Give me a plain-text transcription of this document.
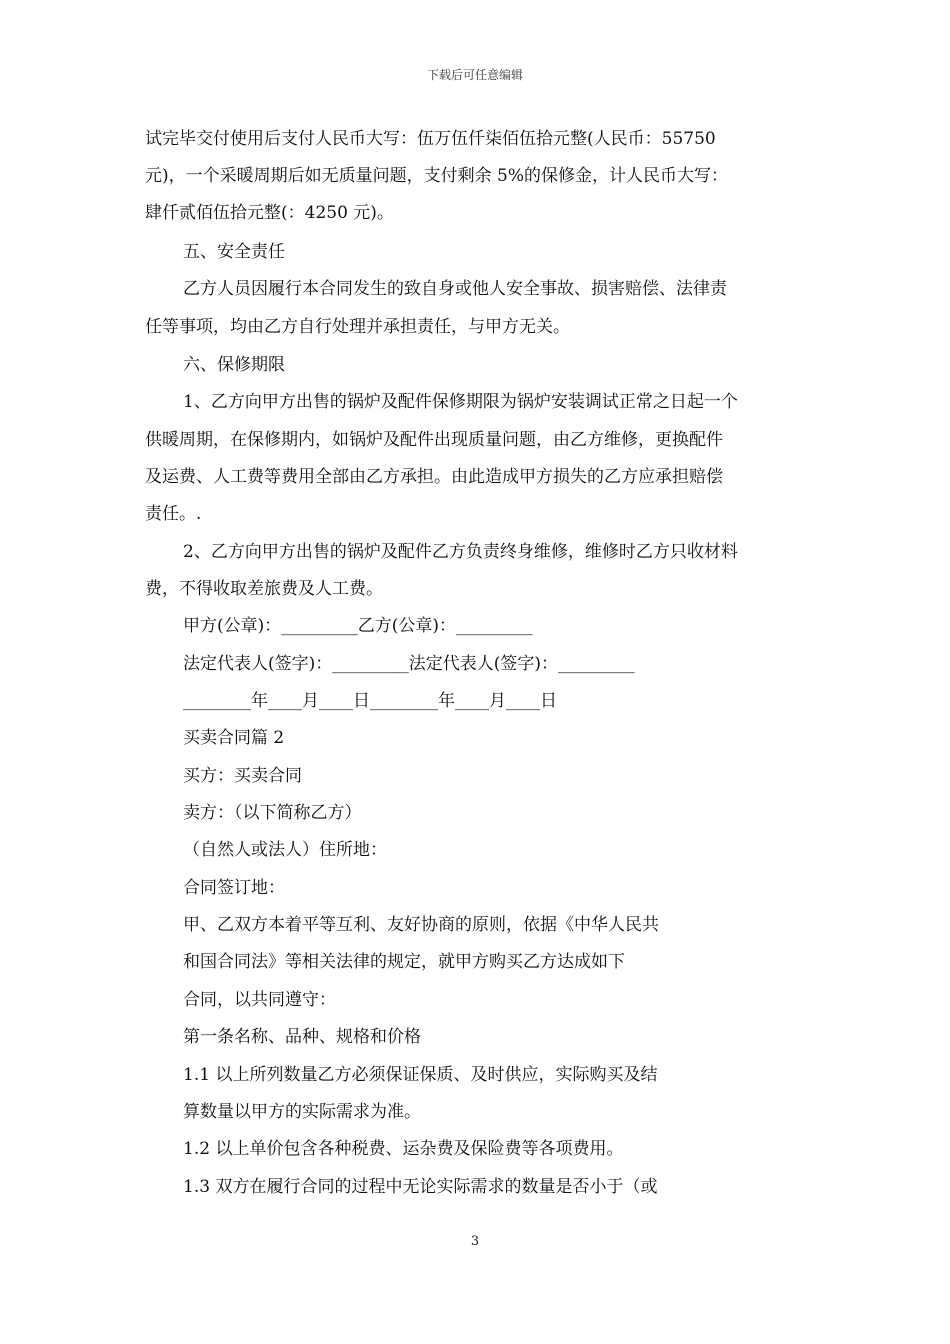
下载后可任意编辑
试完毕交付使用后支付人民币大写：伍万伍仟柒佰伍拾元整(人民币：55750
元)，一个采暖周期后如无质量问题，支付剩余 5%的保修金，计人民币大写：
肆仟贰佰伍拾元整(：4250 元)。
五、安全责任
乙方人员因履行本合同发生的致自身或他人安全事故、损害赔偿、法律责
任等事项，均由乙方自行处理并承担责任，与甲方无关。
六、保修期限
1、乙方向甲方出售的锅炉及配件保修期限为锅炉安装调试正常之日起一个
供暖周期，在保修期内，如锅炉及配件出现质量问题，由乙方维修，更换配件
及运费、人工费等费用全部由乙方承担。由此造成甲方损失的乙方应承担赔偿
责任。.
2、乙方向甲方出售的锅炉及配件乙方负责终身维修，维修时乙方只收材料
费，不得收取差旅费及人工费。
甲方(公章)：_________乙方(公章)：_________
法定代表人(签字)：_________法定代表人(签字)：_________
________年____月____日________年____月____日
买卖合同篇 2
买方：买卖合同
卖方：（以下简称乙方）
（自然人或法人）住所地：
合同签订地：
甲、乙双方本着平等互利、友好协商的原则，依据《中华人民共
和国合同法》等相关法律的规定，就甲方购买乙方达成如下
合同，以共同遵守：
第一条名称、品种、规格和价格
1.1 以上所列数量乙方必须保证保质、及时供应，实际购买及结
算数量以甲方的实际需求为准。
1.2 以上单价包含各种税费、运杂费及保险费等各项费用。
1.3 双方在履行合同的过程中无论实际需求的数量是否小于（或
3
